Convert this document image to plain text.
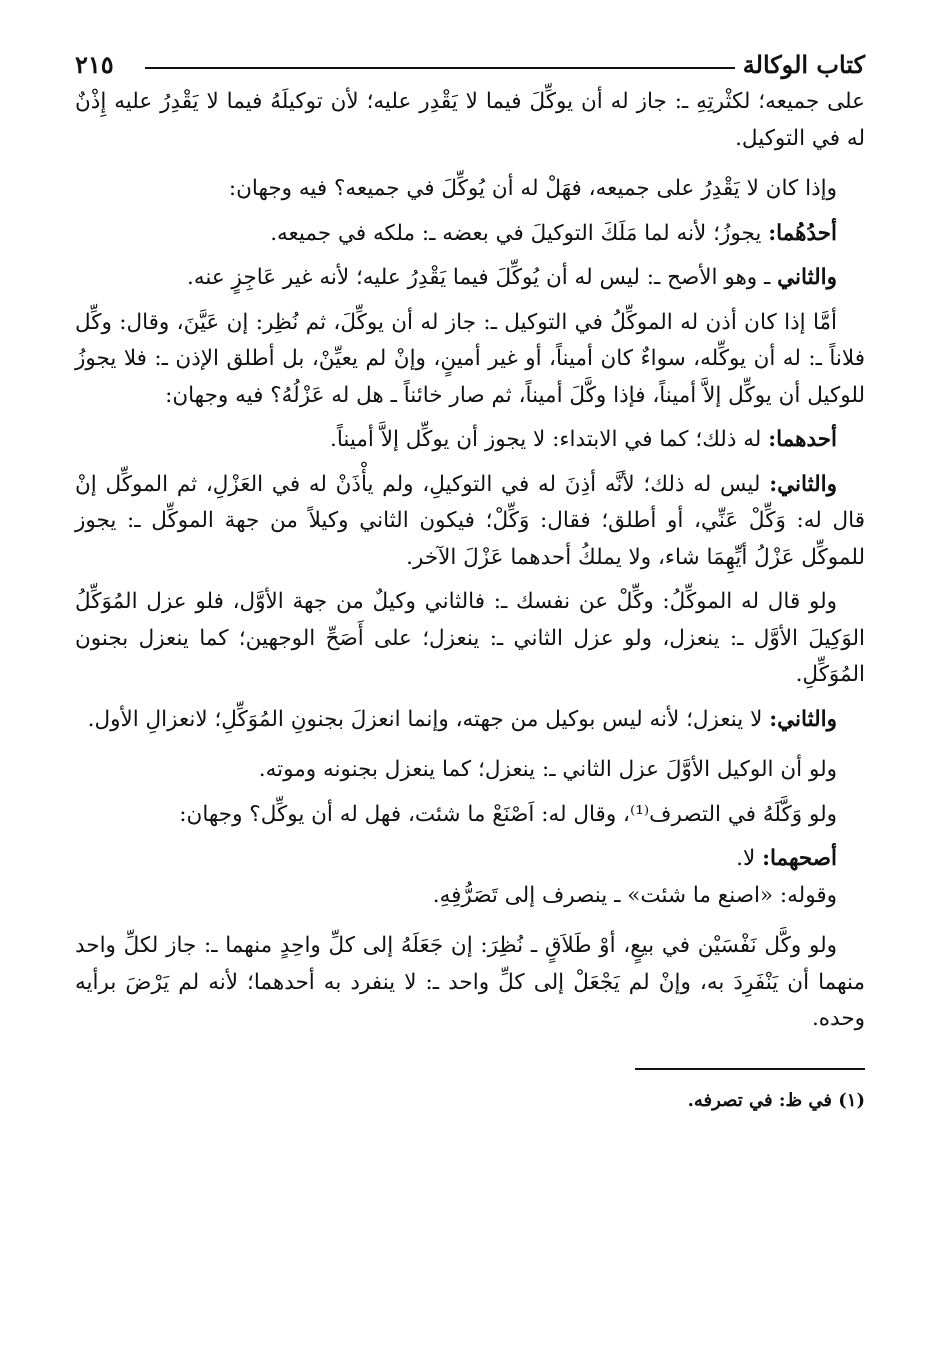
كتاب الوكالة
٢١٥

على جميعه؛ لكثْرتِهِ ـ: جاز له أن يوكِّلَ فيما لا يَقْدِر عليه؛ لأن توكيلَهُ فيما لا يَقْدِرُ عليه إِذْنٌ له في التوكيل.

وإذا كان لا يَقْدِرُ على جميعه، فهَلْ له أن يُوكِّلَ في جميعه؟ فيه وجهان:

أحدُهُما: يجوزُ؛ لأنه لما مَلَكَ التوكيلَ في بعضه ـ: ملكه في جميعه.

والثاني ـ وهو الأصح ـ: ليس له أن يُوكِّلَ فيما يَقْدِرُ عليه؛ لأنه غير عَاجِزٍ عنه.

أمَّا إذا كان أذن له الموكِّلُ في التوكيل ـ: جاز له أن يوكِّلَ، ثم نُظِر: إن عَيَّنَ، وقال: وكِّل فلاناً ـ: له أن يوكِّله، سواءٌ كان أميناً، أو غير أمينٍ، وإنْ لم يعيِّنْ، بل أطلق الإذن ـ: فلا يجوزُ للوكيل أن يوكِّل إلاَّ أميناً، فإذا وكَّلَ أميناً، ثم صار خائناً ـ هل له عَزْلُهُ؟ فيه وجهان:

أحدهما: له ذلك؛ كما في الابتداء: لا يجوز أن يوكِّل إلاَّ أميناً.

والثاني: ليس له ذلك؛ لأنَّه أذِنَ له في التوكيلِ، ولم يأْذَنْ له في العَزْلِ، ثم الموكِّل إنْ قال له: وَكِّلْ عَنِّي، أو أطلق؛ فقال: وَكِّلْ؛ فيكون الثاني وكيلاً من جهة الموكِّل ـ: يجوز للموكِّل عَزْلُ أيِّهِمَا شاء، ولا يملكُ أحدهما عَزْلَ الآخر.

ولو قال له الموكِّلُ: وكِّلْ عن نفسك ـ: فالثاني وكيلٌ من جهة الأوَّل، فلو عزل المُوَكِّلُ الوَكِيلَ الأوَّل ـ: ينعزل، ولو عزل الثاني ـ: ينعزل؛ على أَصَحِّ الوجهين؛ كما ينعزل بجنون المُوَكِّلِ.

والثاني: لا ينعزل؛ لأنه ليس بوكيل من جهته، وإنما انعزلَ بجنونِ المُوَكِّلِ؛ لانعزالِ الأول.

ولو أن الوكيل الأوَّلَ عزل الثاني ـ: ينعزل؛ كما ينعزل بجنونه وموته.

ولو وَكَّلَهُ في التصرف⁽¹⁾، وقال له: اَصْنَعْ ما شئت، فهل له أن يوكِّل؟ وجهان:

أصحهما: لا.

وقوله: «اصنع ما شئت» ـ ينصرف إلى تَصَرُّفِهِ.

ولو وكَّل نَفْسَيْن في بيعٍ، أوْ طَلاَقٍ ـ نُظِرَ: إن جَعَلَهُ إلى كلِّ واحِدٍ منهما ـ: جاز لكلِّ واحد منهما أن يَنْفَرِدَ به، وإنْ لم يَجْعَلْ إلى كلِّ واحد ـ: لا ينفرد به أحدهما؛ لأنه لم يَرْضَ برأيه وحده.

(١) في ظ: في تصرفه.
